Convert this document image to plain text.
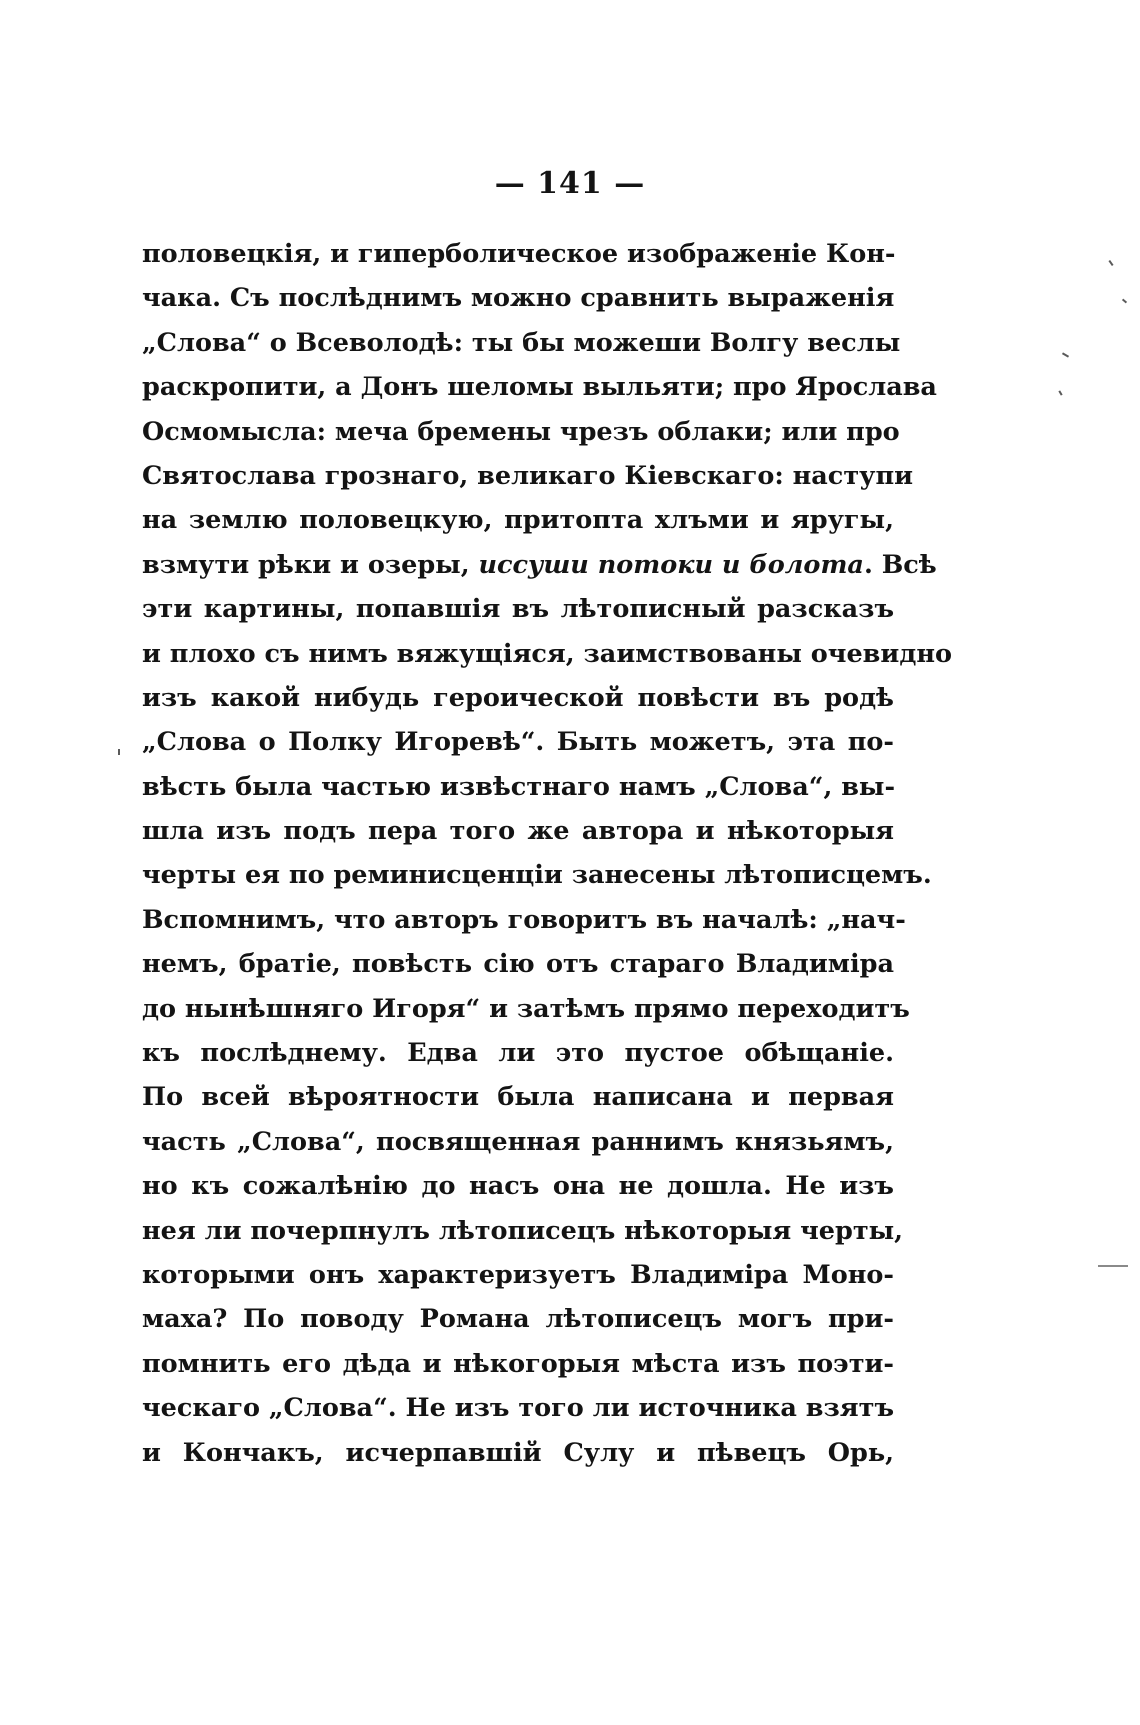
— 141 —
половецкія, и гиперболическое изображеніе Кон-
чака. Съ послѣднимъ можно сравнить выраженія
„Слова“ о Всеволодѣ: ты бы можеши Волгу веслы
раскропити, а Донъ шеломы выльяти; про Ярослава
Осмомысла: меча бремены чрезъ облаки; или про
Святослава грознаго, великаго Кіевскаго: наступи
на землю половецкую, притопта хлъми и яругы,
взмути рѣки и озеры, иссуши потоки и болота. Всѣ
эти картины, попавшія въ лѣтописный разсказъ
и плохо съ нимъ вяжущіяся, заимствованы очевидно
изъ какой нибудь героической повѣсти въ родѣ
„Слова о Полку Игоревѣ“. Быть можетъ, эта по-
вѣсть была частью извѣстнаго намъ „Слова“, вы-
шла изъ подъ пера того же автора и нѣкоторыя
черты ея по реминисценціи занесены лѣтописцемъ.
Вспомнимъ, что авторъ говоритъ въ началѣ: „нач-
немъ, братіе, повѣсть сію отъ стараго Владиміра
до нынѣшняго Игоря“ и затѣмъ прямо переходитъ
къ послѣднему. Едва ли это пустое обѣщаніе.
По всей вѣроятности была написана и первая
часть „Слова“, посвященная раннимъ князьямъ,
но къ сожалѣнію до насъ она не дошла. Не изъ
нея ли почерпнулъ лѣтописецъ нѣкоторыя черты,
которыми онъ характеризуетъ Владиміра Моно-
маха? По поводу Романа лѣтописецъ могъ при-
помнить его дѣда и нѣкогорыя мѣста изъ поэти-
ческаго „Слова“. Не изъ того ли источника взятъ
и Кончакъ, исчерпавшій Сулу и пѣвецъ Орь,
